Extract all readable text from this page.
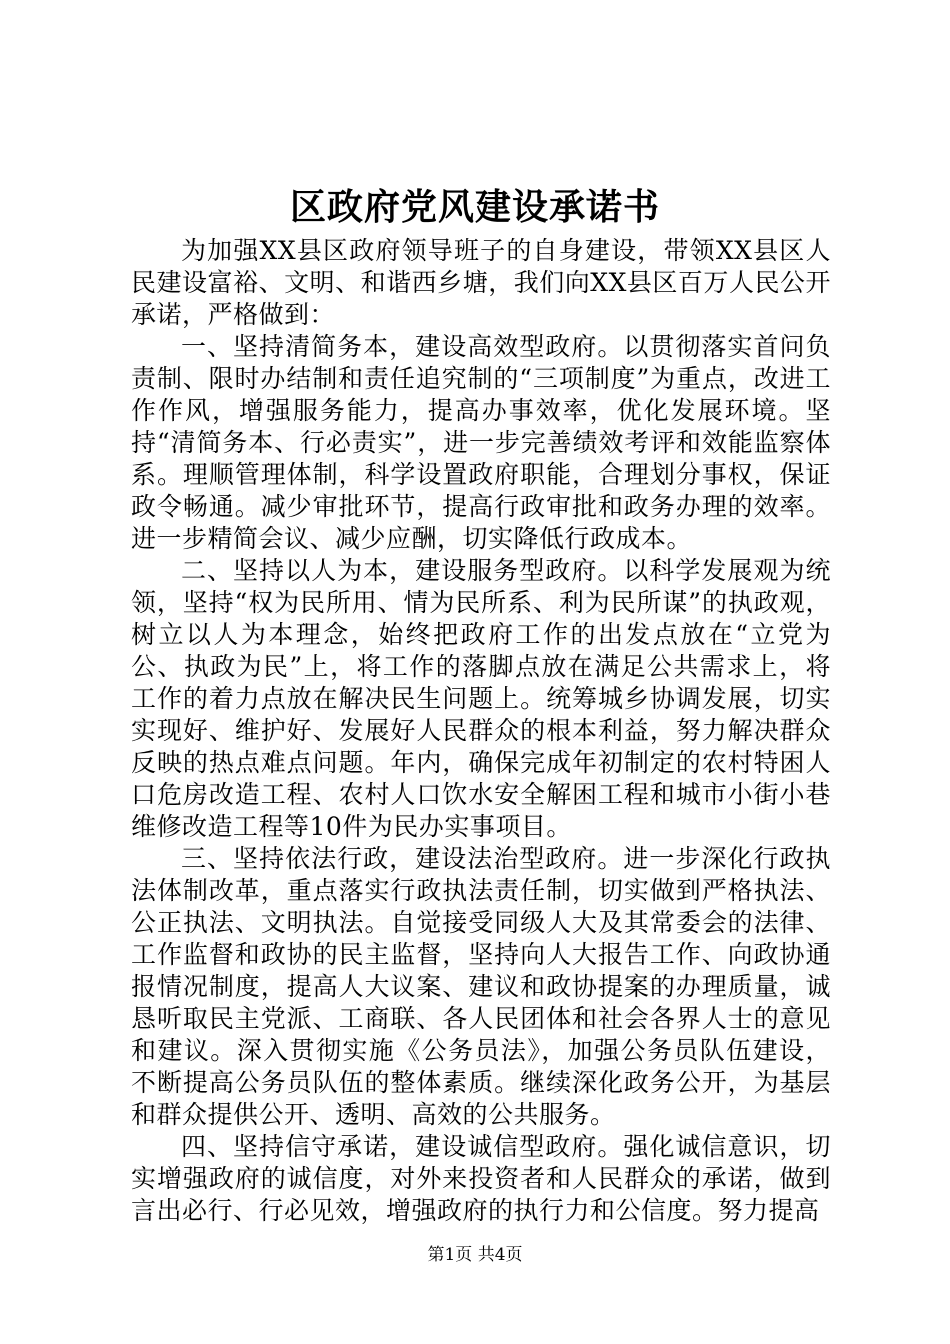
区政府党风建设承诺书

为加强XX县区政府领导班子的自身建设，带领XX县区人民建设富裕、文明、和谐西乡塘，我们向XX县区百万人民公开承诺，严格做到：

一、坚持清简务本，建设高效型政府。以贯彻落实首问负责制、限时办结制和责任追究制的“三项制度”为重点，改进工作作风，增强服务能力，提高办事效率，优化发展环境。坚持“清简务本、行必责实”，进一步完善绩效考评和效能监察体系。理顺管理体制，科学设置政府职能，合理划分事权，保证政令畅通。减少审批环节，提高行政审批和政务办理的效率。进一步精简会议、减少应酬，切实降低行政成本。

二、坚持以人为本，建设服务型政府。以科学发展观为统领，坚持“权为民所用、情为民所系、利为民所谋”的执政观，树立以人为本理念，始终把政府工作的出发点放在“立党为公、执政为民”上，将工作的落脚点放在满足公共需求上，将工作的着力点放在解决民生问题上。统筹城乡协调发展，切实实现好、维护好、发展好人民群众的根本利益，努力解决群众反映的热点难点问题。年内，确保完成年初制定的农村特困人口危房改造工程、农村人口饮水安全解困工程和城市小街小巷维修改造工程等10件为民办实事项目。

三、坚持依法行政，建设法治型政府。进一步深化行政执法体制改革，重点落实行政执法责任制，切实做到严格执法、公正执法、文明执法。自觉接受同级人大及其常委会的法律、工作监督和政协的民主监督，坚持向人大报告工作、向政协通报情况制度，提高人大议案、建议和政协提案的办理质量，诚恳听取民主党派、工商联、各人民团体和社会各界人士的意见和建议。深入贯彻实施《公务员法》，加强公务员队伍建设，不断提高公务员队伍的整体素质。继续深化政务公开，为基层和群众提供公开、透明、高效的公共服务。

四、坚持信守承诺，建设诚信型政府。强化诚信意识，切实增强政府的诚信度，对外来投资者和人民群众的承诺，做到言出必行、行必见效，增强政府的执行力和公信度。努力提高

第1页 共4页
